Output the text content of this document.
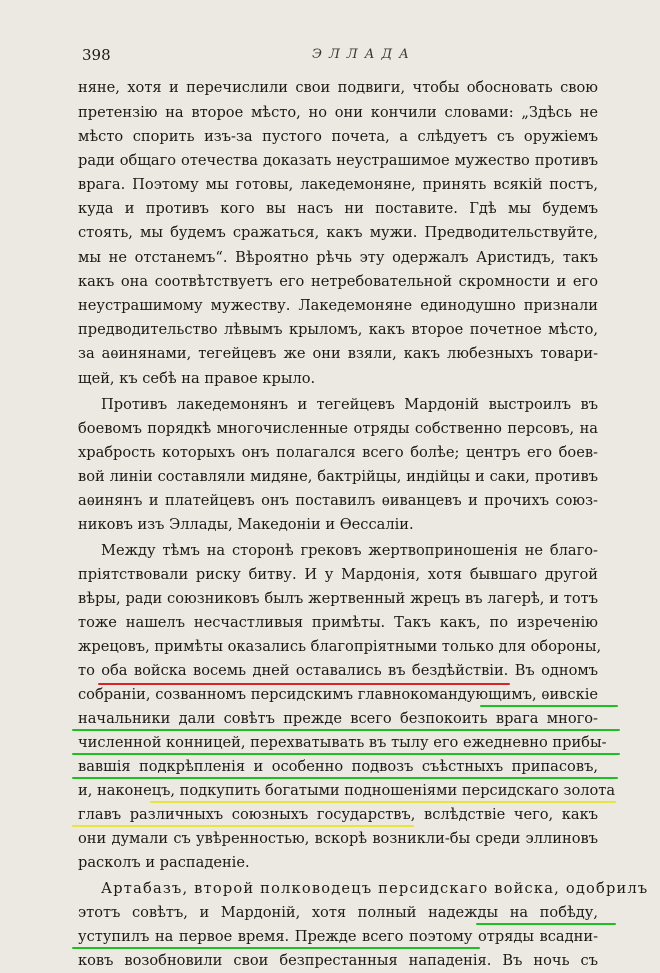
398	ЭЛЛАДА
няне, хотя и перечислили свои подвиги, чтобы обосновать свою
претензію на второе мѣсто, но они кончили словами: „Здѣсь не
мѣсто спорить изъ-за пустого почета, а слѣдуетъ съ оружіемъ
ради общаго отечества доказать неустрашимое мужество противъ
врага. Поэтому мы готовы, лакедемоняне, принять всякій постъ,
куда и противъ кого вы насъ ни поставите. Гдѣ мы будемъ
стоять, мы будемъ сражаться, какъ мужи. Предводительствуйте,
мы не отстанемъ“. Вѣроятно рѣчь эту одержалъ Аристидъ, такъ
какъ она соотвѣтствуетъ его нетребовательной скромности и его
неустрашимому мужеству. Лакедемоняне единодушно признали
предводительство лѣвымъ крыломъ, какъ второе почетное мѣсто,
за аѳинянами, тегейцевъ же они взяли, какъ любезныхъ товари-
щей, къ себѣ на правое крыло.
Противъ лакедемонянъ и тегейцевъ Мардоній выстроилъ въ
боевомъ порядкѣ многочисленные отряды собственно персовъ, на
храбрость которыхъ онъ полагался всего болѣе; центръ его боев-
вой линіи составляли мидяне, бактрійцы, индійцы и саки, противъ
аѳинянъ и платейцевъ онъ поставилъ ѳиванцевъ и прочихъ союз-
никовъ изъ Эллады, Македоніи и Ѳессаліи.
Между тѣмъ на сторонѣ грековъ жертвоприношенія не благо-
пріятствовали риску битву. И у Мардонія, хотя бывшаго другой
вѣры, ради союзниковъ былъ жертвенный жрецъ въ лагерѣ, и тотъ
тоже нашелъ несчастливыя примѣты. Такъ какъ, по изреченію
жрецовъ, примѣты оказались благопріятными только для обороны,
то оба войска восемь дней оставались въ бездѣйствіи. Въ одномъ
собраніи, созванномъ персидскимъ главнокомандующимъ, ѳивскіе
начальники дали совѣтъ прежде всего безпокоить врага много-
численной конницей, перехватывать въ тылу его ежедневно прибы-
вавшія подкрѣпленія и особенно подвозъ съѣстныхъ припасовъ,
и, наконецъ, подкупить богатыми подношеніями персидскаго золота
главъ различныхъ союзныхъ государствъ, вслѣдствіе чего, какъ
они думали съ увѣренностью, вскорѣ возникли-бы среди эллиновъ
расколъ и распаденіе.
Артабазъ, второй полководецъ персидскаго войска, одобрилъ
этотъ совѣтъ, и Мардоній, хотя полный надежды на побѣду,
уступилъ на первое время. Прежде всего поэтому отряды всадни-
ковъ возобновили свои безпрестанныя нападенія. Въ ночь съ
